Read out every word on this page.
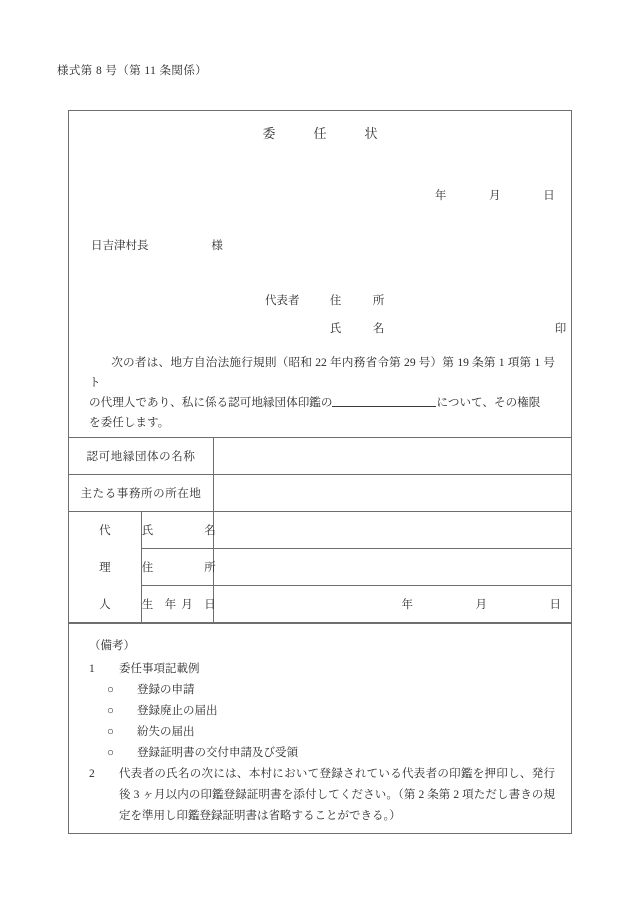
様式第 8 号（第 11 条関係）
委任状
年	月	日
日吉津村長	様
代表者	住　所
氏　名	印

次の者は、地方自治法施行規則（昭和 22 年内務省令第 29 号）第 19 条第 1 項第 1 号ト

の代理人であり、私に係る認可地縁団体印鑑の	について、その権限

を委任します。

認可地縁団体の名称		
主たる事務所の所在地		
代	氏 名	

理	住 所	

人	生　年 月　日	年 月 日

（備考）

1	委任事項記載例
○	登録の申請
○	登録廃止の届出
○	紛失の届出
○	登録証明書の交付申請及び受領
2	代表者の氏名の次には、本村において登録されている代表者の印鑑を押印し、発行後 3 ヶ月以内の印鑑登録証明書を添付してください。（第 2 条第 2 項ただし書きの規定を準用し印鑑登録証明書は省略することができる。）
